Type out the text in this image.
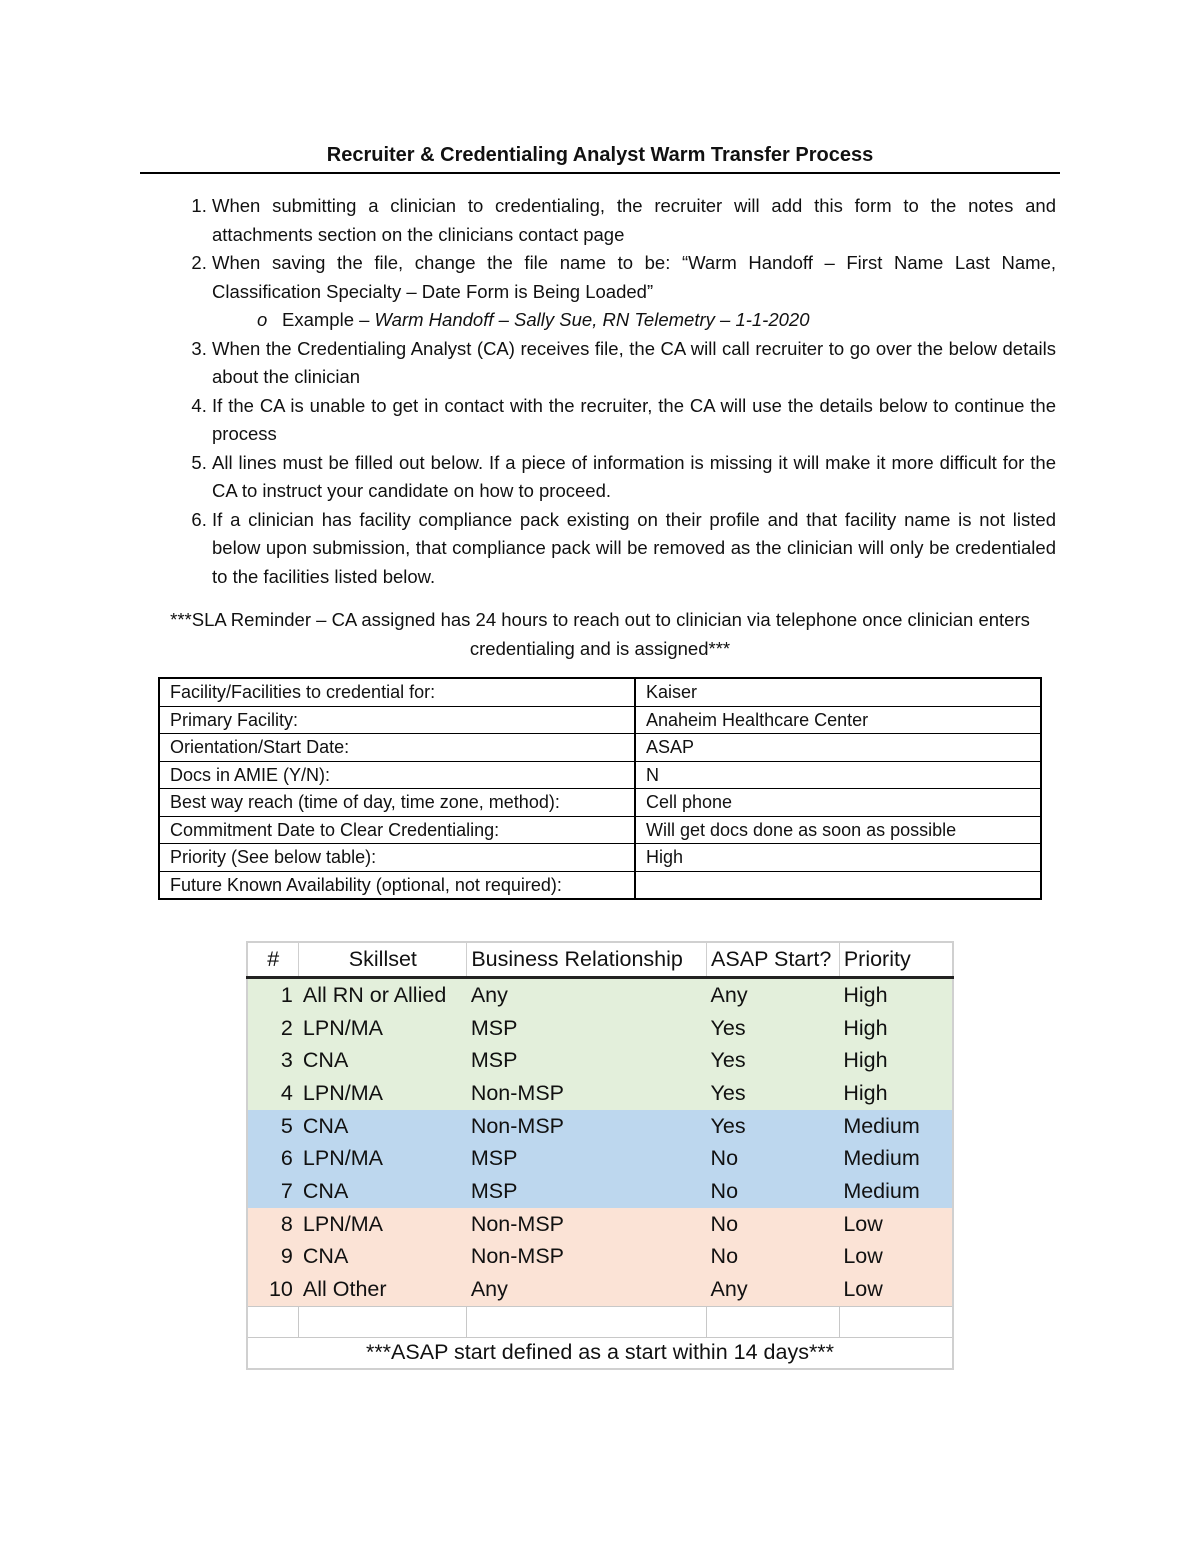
Recruiter & Credentialing Analyst Warm Transfer Process
1. When submitting a clinician to credentialing, the recruiter will add this form to the notes and attachments section on the clinicians contact page
2. When saving the file, change the file name to be: “Warm Handoff – First Name Last Name, Classification Specialty – Date Form is Being Loaded”
o Example – Warm Handoff – Sally Sue, RN Telemetry – 1-1-2020
3. When the Credentialing Analyst (CA) receives file, the CA will call recruiter to go over the below details about the clinician
4. If the CA is unable to get in contact with the recruiter, the CA will use the details below to continue the process
5. All lines must be filled out below. If a piece of information is missing it will make it more difficult for the CA to instruct your candidate on how to proceed.
6. If a clinician has facility compliance pack existing on their profile and that facility name is not listed below upon submission, that compliance pack will be removed as the clinician will only be credentialed to the facilities listed below.
***SLA Reminder – CA assigned has 24 hours to reach out to clinician via telephone once clinician enters credentialing and is assigned***
Facility/Facilities to credential for:	Kaiser
Primary Facility:	Anaheim Healthcare Center
Orientation/Start Date:	ASAP
Docs in AMIE (Y/N):	N
Best way reach (time of day, time zone, method):	Cell phone
Commitment Date to Clear Credentialing:	Will get docs done as soon as possible
Priority (See below table):	High
Future Known Availability (optional, not required):	
#	Skillset	Business Relationship	ASAP Start?	Priority
1	All RN or Allied	Any	Any	High
2	LPN/MA	MSP	Yes	High
3	CNA	MSP	Yes	High
4	LPN/MA	Non-MSP	Yes	High
5	CNA	Non-MSP	Yes	Medium
6	LPN/MA	MSP	No	Medium
7	CNA	MSP	No	Medium
8	LPN/MA	Non-MSP	No	Low
9	CNA	Non-MSP	No	Low
10	All Other	Any	Any	Low

***ASAP start defined as a start within 14 days***				
